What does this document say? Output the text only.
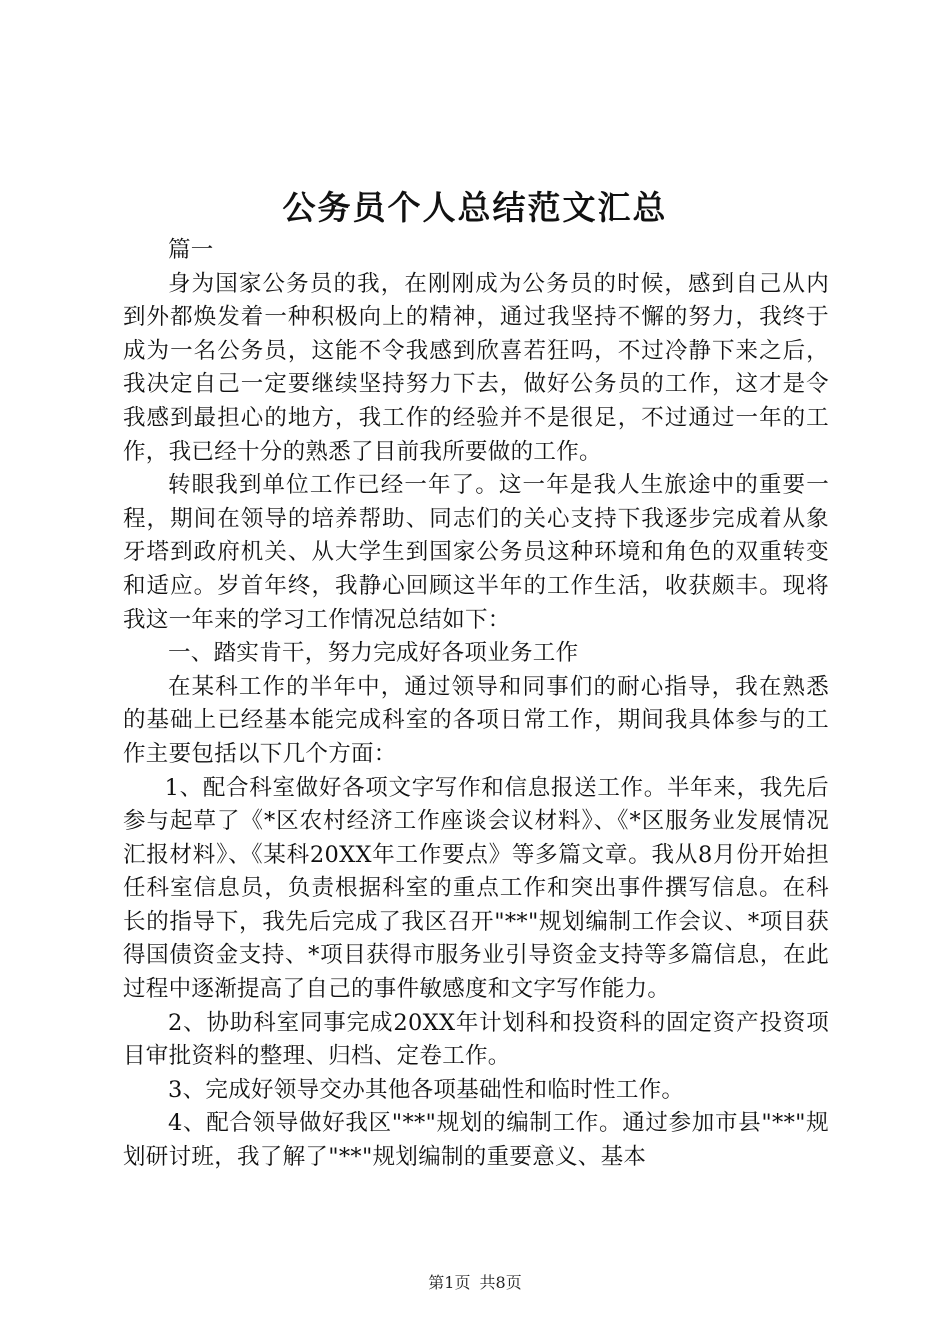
公务员个人总结范文汇总

篇一

身为国家公务员的我，在刚刚成为公务员的时候，感到自己从内到外都焕发着一种积极向上的精神，通过我坚持不懈的努力，我终于成为一名公务员，这能不令我感到欣喜若狂吗，不过冷静下来之后，我决定自己一定要继续坚持努力下去，做好公务员的工作，这才是令我感到最担心的地方，我工作的经验并不是很足，不过通过一年的工作，我已经十分的熟悉了目前我所要做的工作。

转眼我到单位工作已经一年了。这一年是我人生旅途中的重要一程，期间在领导的培养帮助、同志们的关心支持下我逐步完成着从象牙塔到政府机关、从大学生到国家公务员这种环境和角色的双重转变和适应。岁首年终，我静心回顾这半年的工作生活，收获颇丰。现将我这一年来的学习工作情况总结如下：

一、踏实肯干，努力完成好各项业务工作

在某科工作的半年中，通过领导和同事们的耐心指导，我在熟悉的基础上已经基本能完成科室的各项日常工作，期间我具体参与的工作主要包括以下几个方面：

1、配合科室做好各项文字写作和信息报送工作。半年来，我先后参与起草了《*区农村经济工作座谈会议材料》、《*区服务业发展情况汇报材料》、《某科20XX年工作要点》等多篇文章。我从8月份开始担任科室信息员，负责根据科室的重点工作和突出事件撰写信息。在科长的指导下，我先后完成了我区召开"**"规划编制工作会议、*项目获得国债资金支持、*项目获得市服务业引导资金支持等多篇信息，在此过程中逐渐提高了自己的事件敏感度和文字写作能力。

2、协助科室同事完成20XX年计划科和投资科的固定资产投资项目审批资料的整理、归档、定卷工作。

3、完成好领导交办其他各项基础性和临时性工作。

4、配合领导做好我区"**"规划的编制工作。通过参加市县"**"规划研讨班，我了解了"**"规划编制的重要意义、基本

第1页 共8页
